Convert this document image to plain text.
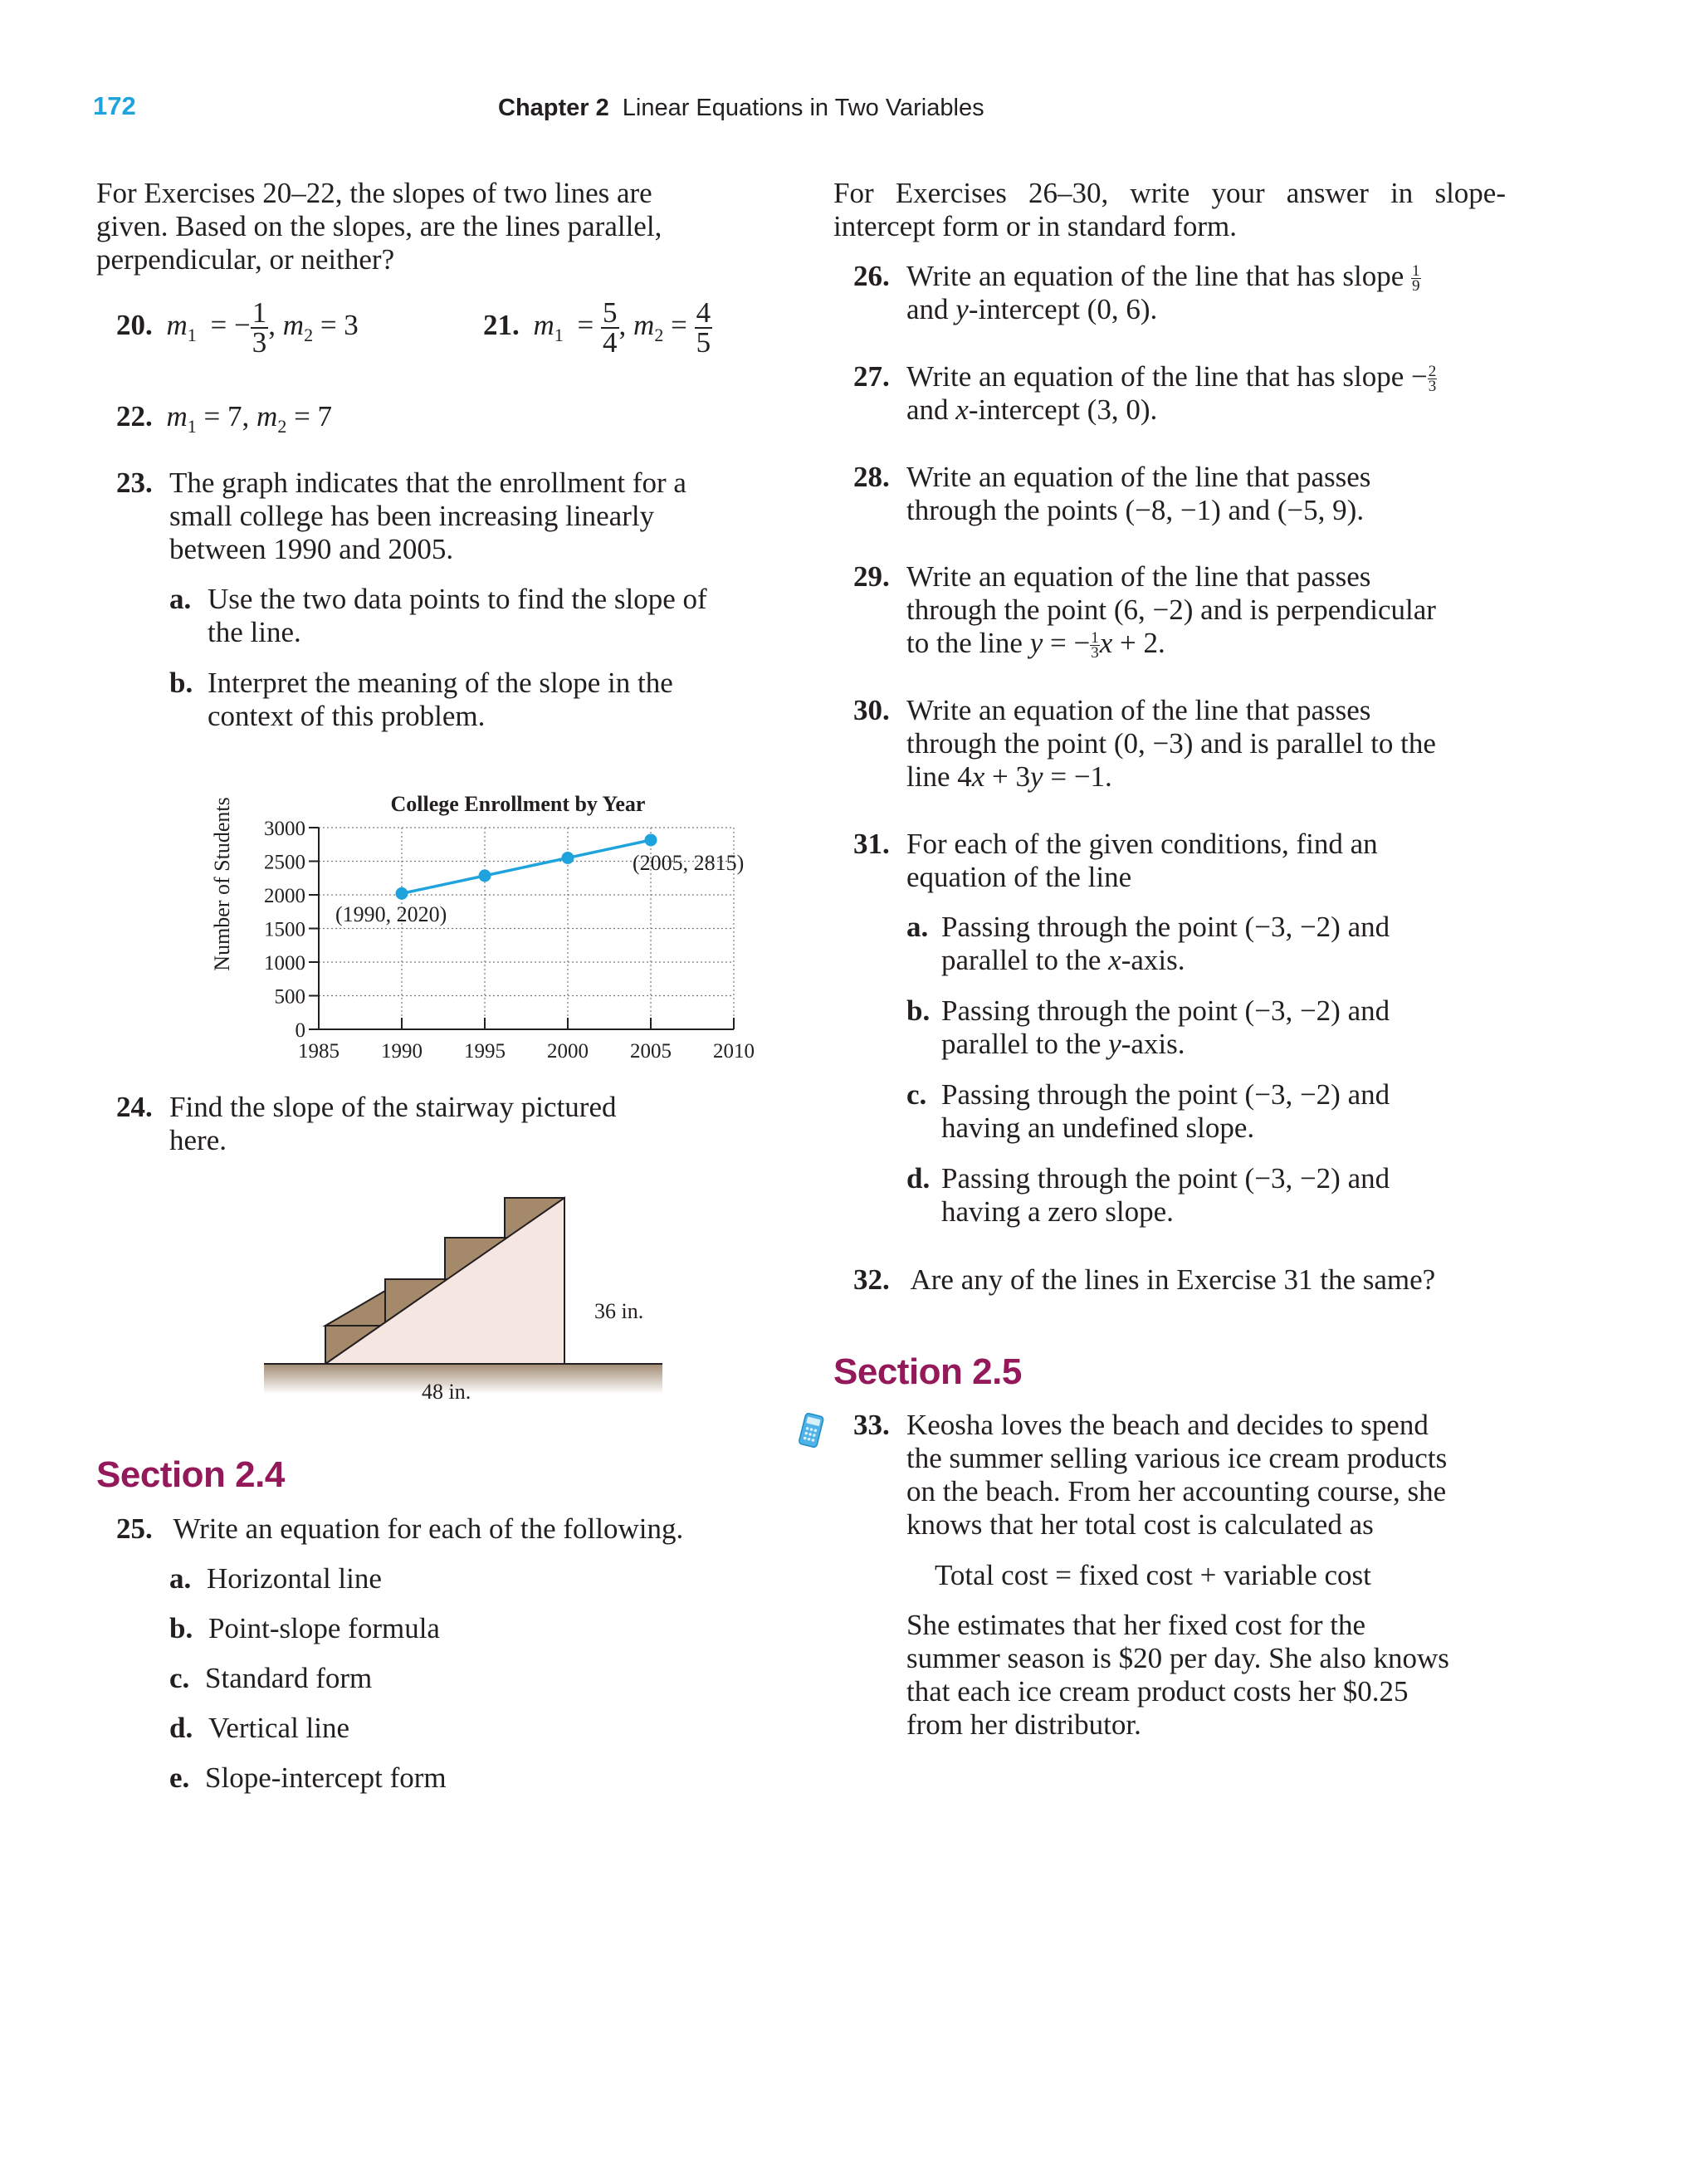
172	Chapter 2 Linear Equations in Two Variables
For Exercises 20–22, the slopes of two lines are
given. Based on the slopes, are the lines parallel,
perpendicular, or neither?
20. $m_1$ = − $\frac{1}{3}$ , $m_2 = 3$	21. $m_1 = \frac{5}{4}$ , $m_2 = \frac{4}{5}$
22. $m_1 = 7$, $m_2 = 7$
23. The graph indicates that the enrollment for a
small college has been increasing linearly
between 1990 and 2005.
a. Use the two data points to find the slope of
the line.
b. Interpret the meaning of the slope in the
context of this problem.
College Enrollment by Year
Number of Students
0
500
1000
1500
2000
2500
3000
1985 1990 1995 2000 2005 2010
(1990, 2020)
(2005, 2815)
24. Find the slope of the stairway pictured
here.
36 in.
48 in.
Section 2.4
25. Write an equation for each of the following.
a. Horizontal line
b. Point-slope formula
c. Standard form
d. Vertical line
e. Slope-intercept form
For Exercises 26–30, write your answer in slope-
intercept form or in standard form.
26. Write an equation of the line that has slope $\frac{1}{9}$
and y-intercept (0, 6).
27. Write an equation of the line that has slope − $\frac{2}{3}$
and x-intercept (3, 0).
28. Write an equation of the line that passes
through the points (−8, −1) and (−5, 9).
29. Write an equation of the line that passes
through the point (6, −2) and is perpendicular
to the line y = − $\frac{1}{3}$ x + 2.
30. Write an equation of the line that passes
through the point (0, −3) and is parallel to the
line 4x + 3y = −1.
31. For each of the given conditions, find an
equation of the line
a. Passing through the point (−3, −2) and
parallel to the x-axis.
b. Passing through the point (−3, −2) and
parallel to the y-axis.
c. Passing through the point (−3, −2) and
having an undefined slope.
d. Passing through the point (−3, −2) and
having a zero slope.
32. Are any of the lines in Exercise 31 the same?
Section 2.5
33. Keosha loves the beach and decides to spend
the summer selling various ice cream products
on the beach. From her accounting course, she
knows that her total cost is calculated as
Total cost = fixed cost + variable cost
She estimates that her fixed cost for the
summer season is $20 per day. She also knows
that each ice cream product costs her $0.25
from her distributor.
